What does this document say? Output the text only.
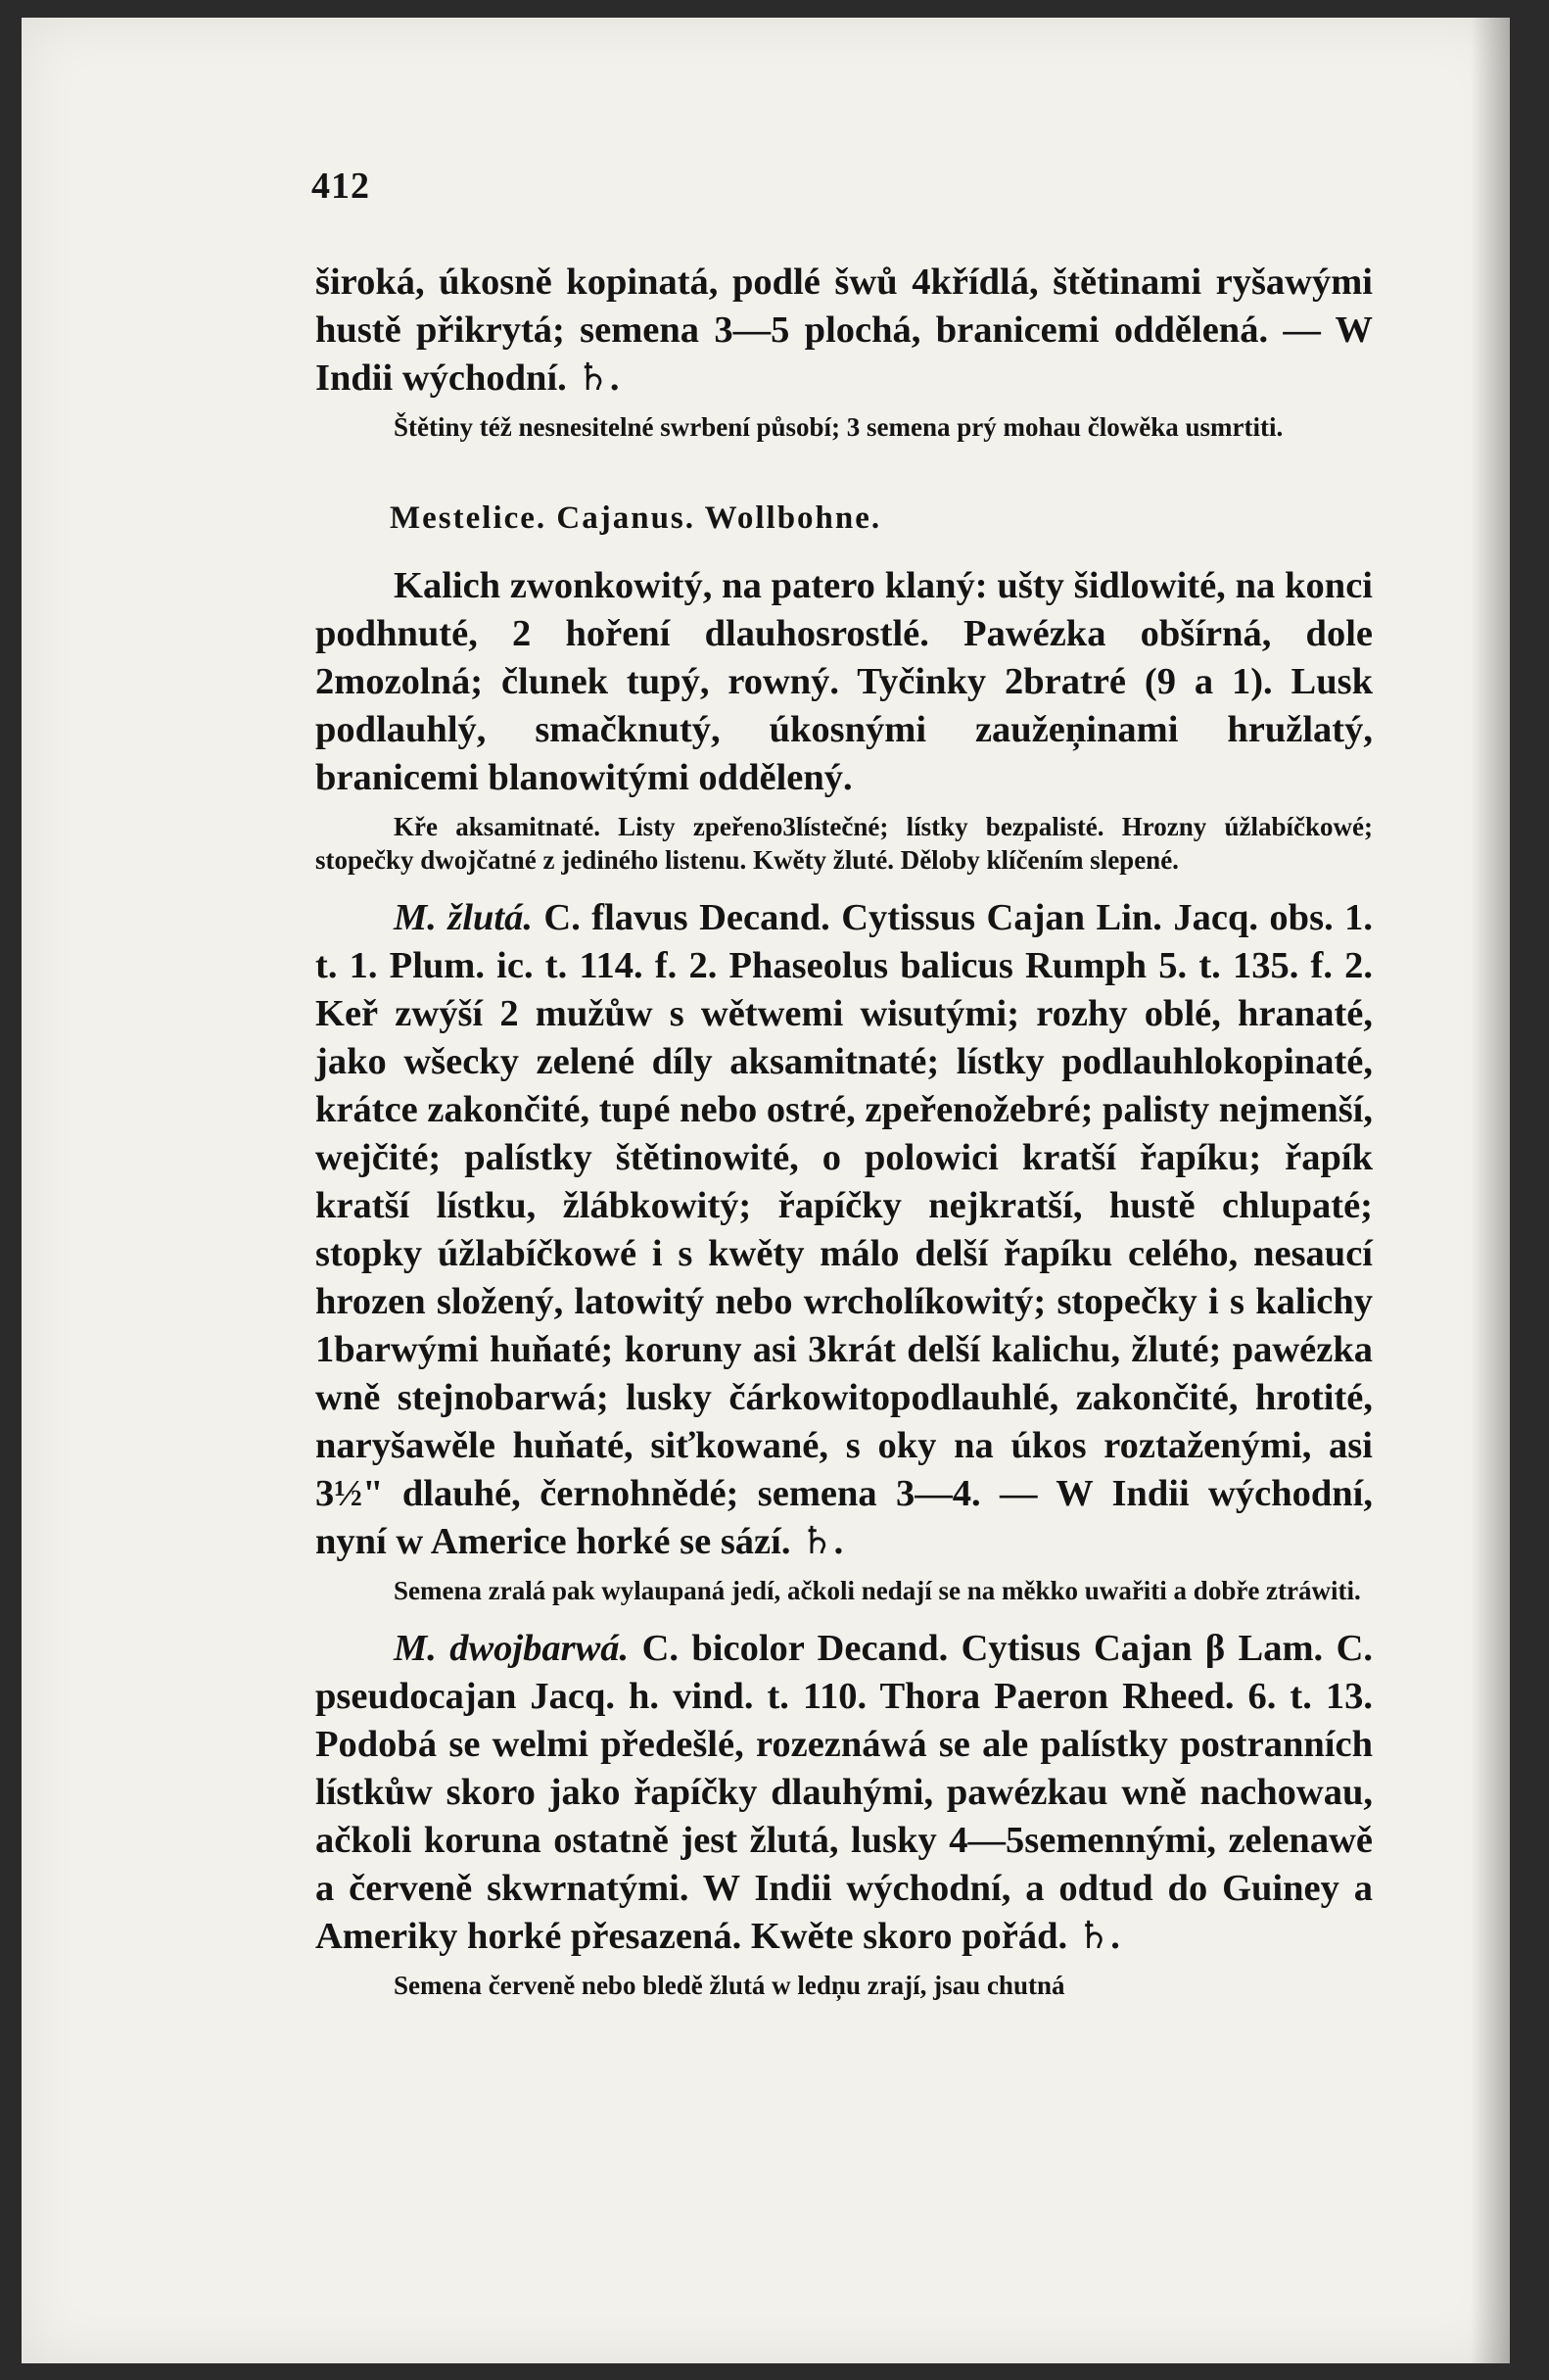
412

široká, úkosně kopinatá, podlé šwů 4křídlá, štětinami ryšawými hustě přikrytá; semena 3—5 plochá, branicemi oddělená. — W Indii wýchodní. ♄.

Štětiny též nesnesitelné swrbení působí; 3 semena prý mohau člowěka usmrtiti.

Mestelice. Cajanus. Wollbohne.

Kalich zwonkowitý, na patero klaný: ušty šidlowité, na konci podhnuté, 2 hoření dlauhosrostlé. Pawézka obšírná, dole 2mozolná; člunek tupý, rowný. Tyčinky 2bratré (9 a 1). Lusk podlauhlý, smačknutý, úkosnými zaužeņinami hružlatý, branicemi blanowitými oddělený.

Kře aksamitnaté. Listy zpeřeno3lístečné; lístky bezpalisté. Hrozny úžlabíčkowé; stopečky dwojčatné z jediného listenu. Kwěty žluté. Děloby klíčením slepené.

M. žlutá. C. flavus Decand. Cytissus Cajan Lin. Jacq. obs. 1. t. 1. Plum. ic. t. 114. f. 2. Phaseolus balicus Rumph 5. t. 135. f. 2. Keř zwýší 2 mužůw s wětwemi wisutými; rozhy oblé, hranaté, jako wšecky zelené díly aksamitnaté; lístky podlauhlokopinaté, krátce zakončité, tupé nebo ostré, zpeřenožebré; palisty nejmenší, wejčité; palístky štětinowité, o polowici kratší řapíku; řapík kratší lístku, žlábkowitý; řapíčky nejkratší, hustě chlupaté; stopky úžlabíčkowé i s kwěty málo delší řapíku celého, nesaucí hrozen složený, latowitý nebo wrcholíkowitý; stopečky i s kalichy 1barwými huňaté; koruny asi 3krát delší kalichu, žluté; pawézka wně stejnobarwá; lusky čárkowitopodlauhlé, zakončité, hrotité, naryšawěle huňaté, siťkowané, s oky na úkos roztaženými, asi 3½" dlauhé, černohnědé; semena 3—4. — W Indii wýchodní, nyní w Americe horké se sází. ♄.

Semena zralá pak wylaupaná jedí, ačkoli nedají se na měkko uwařiti a dobře ztráwiti.

M. dwojbarwá. C. bicolor Decand. Cytisus Cajan β Lam. C. pseudocajan Jacq. h. vind. t. 110. Thora Paeron Rheed. 6. t. 13. Podobá se welmi předešlé, rozeznáwá se ale palístky postranních lístkůw skoro jako řapíčky dlauhými, pawézkau wně nachowau, ačkoli koruna ostatně jest žlutá, lusky 4—5semennými, zelenawě a červeně skwrnatými. W Indii wýchodní, a odtud do Guiney a Ameriky horké přesazená. Kwěte skoro pořád. ♄.

Semena červeně nebo bledě žlutá w ledņu zrají, jsau chutná
